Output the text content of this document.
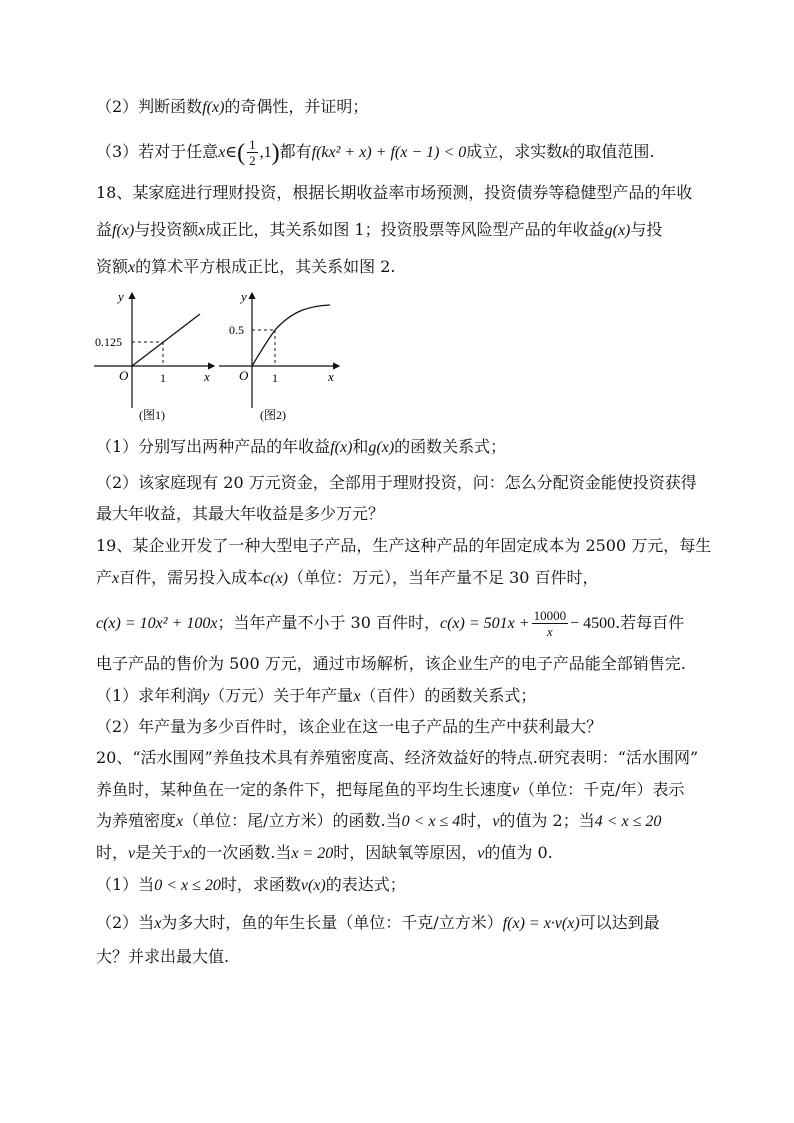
（2）判断函数f(x)的奇偶性，并证明；
（3）若对于任意x∈( $\frac{1}{2} ,1$)都有f(kx² + x) + f(x − 1) < 0成立，求实数k的取值范围.
18、某家庭进行理财投资，根据长期收益率市场预测，投资债券等稳健型产品的年收
益f(x)与投资额x成正比，其关系如图 1；投资股票等风险型产品的年收益g(x)与投
资额x的算术平方根成正比，其关系如图 2.
y
x
O
0.125
1
(图1)
y
x
O
0.5
1
(图2)
（1）分别写出两种产品的年收益f(x)和g(x)的函数关系式；
（2）该家庭现有 20 万元资金，全部用于理财投资，问：怎么分配资金能使投资获得
最大年收益，其最大年收益是多少万元？
19、某企业开发了一种大型电子产品，生产这种产品的年固定成本为 2500 万元，每生
产x百件，需另投入成本c(x)（单位：万元），当年产量不足 30 百件时，
c(x) = 10x² + 100x；当年产量不小于 30 百件时，$c(x) = 501x + \frac{10000}{x} - 4500$.若每百件
电子产品的售价为 500 万元，通过市场解析，该企业生产的电子产品能全部销售完.
（1）求年利润y（万元）关于年产量x（百件）的函数关系式；
（2）年产量为多少百件时，该企业在这一电子产品的生产中获利最大？
20、“活水围网”养鱼技术具有养殖密度高、经济效益好的特点.研究表明：“活水围网”
养鱼时，某种鱼在一定的条件下，把每尾鱼的平均生长速度v（单位：千克/年）表示
为养殖密度x（单位：尾/立方米）的函数.当0 < x ≤ 4时，v的值为 2；当4 < x ≤ 20
时，v是关于x的一次函数.当x = 20时，因缺氧等原因，v的值为 0.
（1）当0 < x ≤ 20时，求函数v(x)的表达式；
（2）当x为多大时，鱼的年生长量（单位：千克/立方米）f(x) = x·v(x)可以达到最
大？并求出最大值.
